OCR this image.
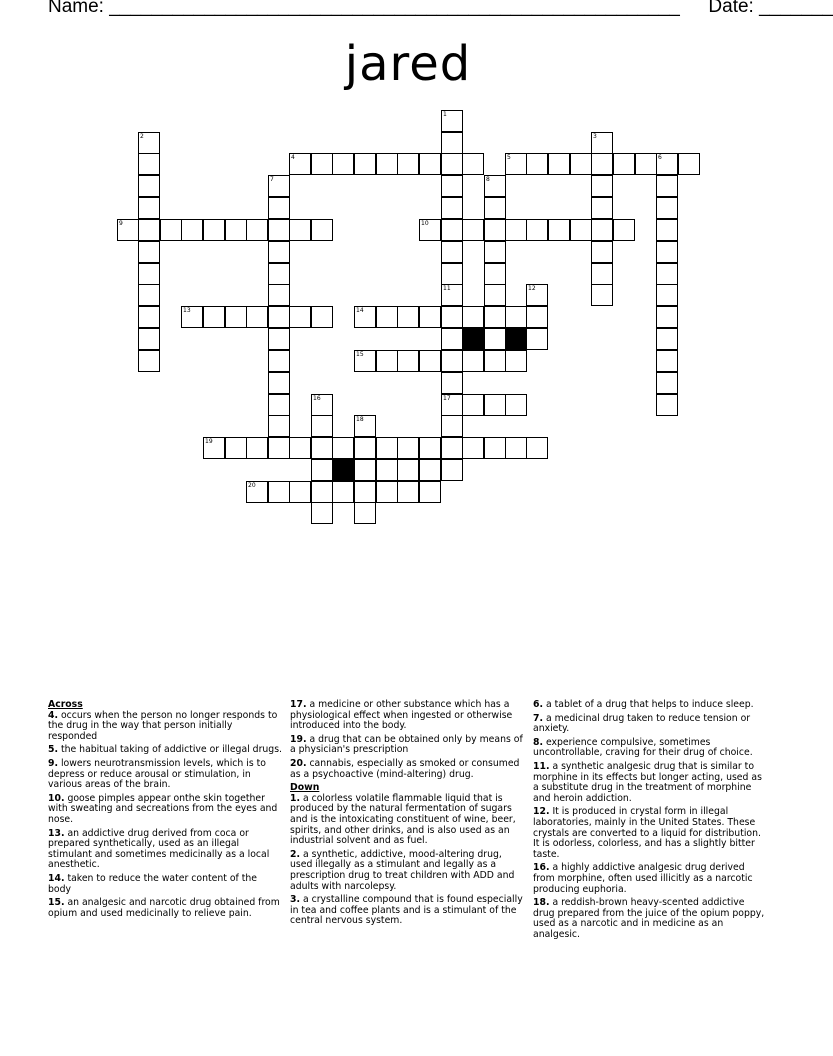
Name: ______________________________________________________ Date: _______
jared
1
2	3
4	5	6
7	8
9	10
11	12
13	14
15
16	17
18
19
20
Across
4. occurs when the person no longer responds to the drug in the way that person initially responded
5. the habitual taking of addictive or illegal drugs.
9. lowers neurotransmission levels, which is to depress or reduce arousal or stimulation, in various areas of the brain.
10. goose pimples appear onthe skin together with sweating and secreations from the eyes and nose.
13. an addictive drug derived from coca or prepared synthetically, used as an illegal stimulant and sometimes medicinally as a local anesthetic.
14. taken to reduce the water content of the body
15. an analgesic and narcotic drug obtained from opium and used medicinally to relieve pain.
17. a medicine or other substance which has a physiological effect when ingested or otherwise introduced into the body.
19. a drug that can be obtained only by means of a physician's prescription
20. cannabis, especially as smoked or consumed as a psychoactive (mind-altering) drug.
Down
1. a colorless volatile flammable liquid that is produced by the natural fermentation of sugars and is the intoxicating constituent of wine, beer, spirits, and other drinks, and is also used as an industrial solvent and as fuel.
2. a synthetic, addictive, mood-altering drug, used illegally as a stimulant and legally as a prescription drug to treat children with ADD and adults with narcolepsy.
3. a crystalline compound that is found especially in tea and coffee plants and is a stimulant of the central nervous system.
6. a tablet of a drug that helps to induce sleep.
7. a medicinal drug taken to reduce tension or anxiety.
8. experience compulsive, sometimes uncontrollable, craving for their drug of choice.
11. a synthetic analgesic drug that is similar to morphine in its effects but longer acting, used as a substitute drug in the treatment of morphine and heroin addiction.
12. It is produced in crystal form in illegal laboratories, mainly in the United States. These crystals are converted to a liquid for distribution. It is odorless, colorless, and has a slightly bitter taste.
16. a highly addictive analgesic drug derived from morphine, often used illicitly as a narcotic producing euphoria.
18. a reddish-brown heavy-scented addictive drug prepared from the juice of the opium poppy, used as a narcotic and in medicine as an analgesic.
